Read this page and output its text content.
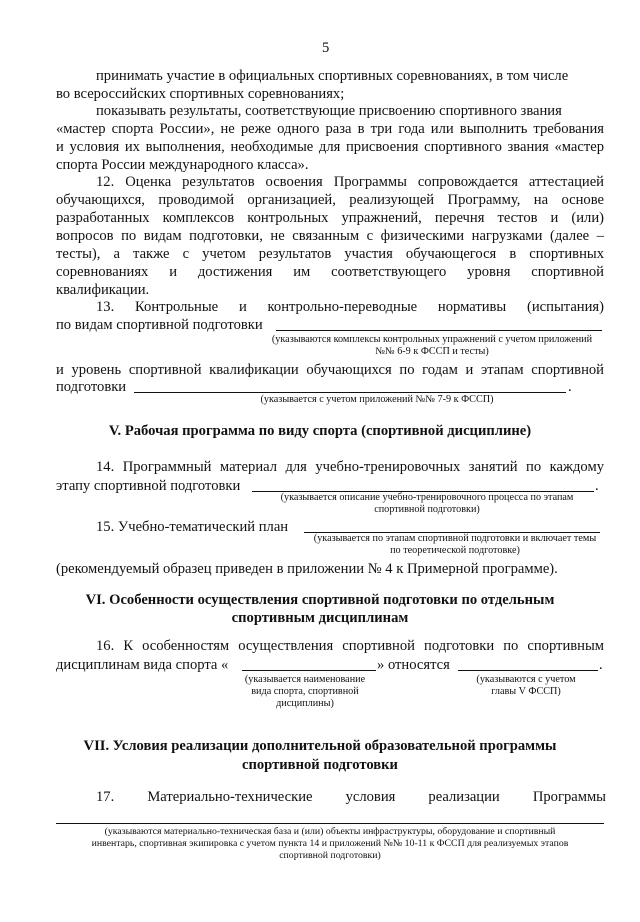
5
принимать участие в официальных спортивных соревнованиях, в том числе
во всероссийских спортивных соревнованиях;
показывать результаты, соответствующие присвоению спортивного звания
«мастер спорта России», не реже одного раза в три года или выполнить требования
и условия их выполнения, необходимые для присвоения спортивного звания «мастер
спорта России международного класса».
12. Оценка результатов освоения Программы сопровождается аттестацией
обучающихся, проводимой организацией, реализующей Программу, на основе
разработанных комплексов контрольных упражнений, перечня тестов и (или)
вопросов по видам подготовки, не связанным с физическими нагрузками (далее –
тесты), а также с учетом результатов участия обучающегося в спортивных
соревнованиях и достижения им соответствующего уровня спортивной
квалификации.
13. Контрольные и контрольно-переводные нормативы (испытания)
по видам спортивной подготовки
(указываются комплексы контрольных упражнений с учетом приложений
№№ 6-9 к ФССП и тесты)
и уровень спортивной квалификации обучающихся по годам и этапам спортивной
подготовки	.
(указывается с учетом приложений №№ 7-9 к ФССП)
V. Рабочая программа по виду спорта (спортивной дисциплине)
14. Программный материал для учебно-тренировочных занятий по каждому
этапу спортивной подготовки	.
(указывается описание учебно-тренировочного процесса по этапам
спортивной подготовки)
15. Учебно-тематический план
(указывается по этапам спортивной подготовки и включает темы
по теоретической подготовке)
(рекомендуемый образец приведен в приложении № 4 к Примерной программе).
VI. Особенности осуществления спортивной подготовки по отдельным
спортивным дисциплинам
16. К особенностям осуществления спортивной подготовки по спортивным
дисциплинам вида спорта «	» относятся	.
(указывается наименование
вида спорта, спортивной
дисциплины)
(указываются с учетом
главы V ФССП)
VII. Условия реализации дополнительной образовательной программы
спортивной подготовки
17. Материально-технические условия реализации Программы
(указываются материально-техническая база и (или) объекты инфраструктуры, оборудование и спортивный
инвентарь, спортивная экипировка с учетом пункта 14 и приложений №№ 10-11 к ФССП для реализуемых этапов
спортивной подготовки)
